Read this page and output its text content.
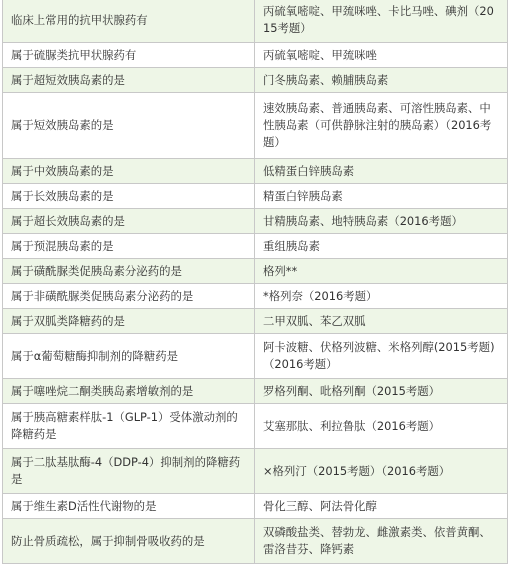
临床上常用的抗甲状腺药有	丙硫氧嘧啶、甲巯咪唑、卡比马唑、碘剂（2015考题）
属于硫脲类抗甲状腺药有	丙硫氧嘧啶、甲巯咪唑
属于超短效胰岛素的是	门冬胰岛素、赖脯胰岛素
属于短效胰岛素的是	速效胰岛素、普通胰岛素、可溶性胰岛素、中性胰岛素（可供静脉注射的胰岛素）（2016考题）
属于中效胰岛素的是	低精蛋白锌胰岛素
属于长效胰岛素的是	精蛋白锌胰岛素
属于超长效胰岛素的是	甘精胰岛素、地特胰岛素（2016考题）
属于预混胰岛素的是	重组胰岛素
属于磺酰脲类促胰岛素分泌药的是	格列**
属于非磺酰脲类促胰岛素分泌药的是	*格列奈（2016考题）
属于双胍类降糖药的是	二甲双胍、苯乙双胍
属于α葡萄糖酶抑制剂的降糖药是	阿卡波糖、伏格列波糖、米格列醇(2015考题)（2016考题）
属于噻唑烷二酮类胰岛素增敏剂的是	罗格列酮、吡格列酮（2015考题）
属于胰高糖素样肽-1（GLP-1）受体激动剂的降糖药是	艾塞那肽、利拉鲁肽（2016考题）
属于二肽基肽酶-4（DDP-4）抑制剂的降糖药是	×格列汀（2015考题）（2016考题）
属于维生素D活性代谢物的是	骨化三醇、阿法骨化醇
防止骨质疏松，属于抑制骨吸收药的是	双磷酸盐类、替勃龙、雌激素类、依普黄酮、雷洛昔芬、降钙素
